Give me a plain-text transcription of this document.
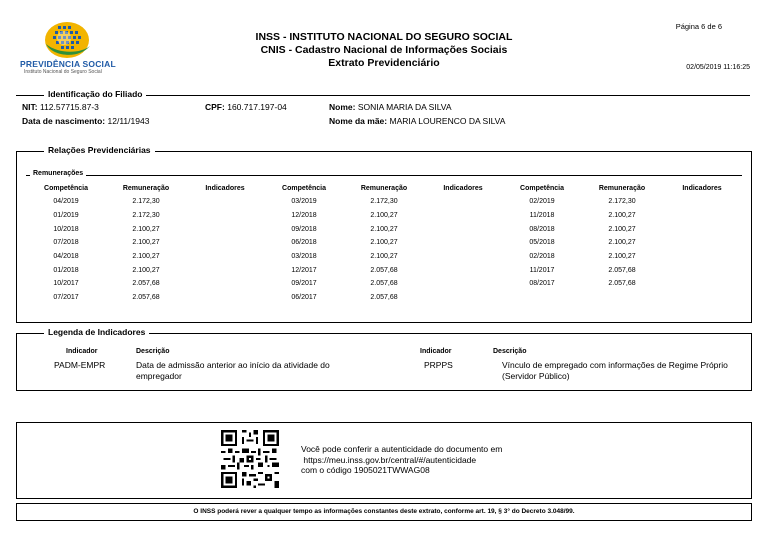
PREVIDÊNCIA SOCIAL
Instituto Nacional do Seguro Social
INSS - INSTITUTO NACIONAL DO SEGURO SOCIAL
CNIS - Cadastro Nacional de Informações Sociais
Extrato Previdenciário
Página 6 de 6
02/05/2019 11:16:25
Identificação do Filiado
NIT: 112.57715.87-3	CPF: 160.717.197-04	Nome: SONIA MARIA DA SILVA
Data de nascimento: 12/11/1943	Nome da mãe: MARIA LOURENCO DA SILVA
Relações Previdenciárias
Remunerações
Competência	Remuneração	Indicadores	Competência	Remuneração	Indicadores	Competência	Remuneração	Indicadores
04/2019	2.172,30		03/2019	2.172,30		02/2019	2.172,30	
01/2019	2.172,30		12/2018	2.100,27		11/2018	2.100,27	
10/2018	2.100,27		09/2018	2.100,27		08/2018	2.100,27	
07/2018	2.100,27		06/2018	2.100,27		05/2018	2.100,27	
04/2018	2.100,27		03/2018	2.100,27		02/2018	2.100,27	
01/2018	2.100,27		12/2017	2.057,68		11/2017	2.057,68	
10/2017	2.057,68		09/2017	2.057,68		08/2017	2.057,68	
07/2017	2.057,68		06/2017	2.057,68				
Legenda de Indicadores
Indicador	Descrição	Indicador	Descrição
PADM-EMPR	Data de admissão anterior ao início da atividade do empregador
PRPPS	Vínculo de empregado com informações de Regime Próprio (Servidor Público)
Você pode conferir a autenticidade do documento em
https://meu.inss.gov.br/central/#/autenticidade
com o código 1905021TWWAG08
O INSS poderá rever a qualquer tempo as informações constantes deste extrato, conforme art. 19, § 3° do Decreto 3.048/99.
